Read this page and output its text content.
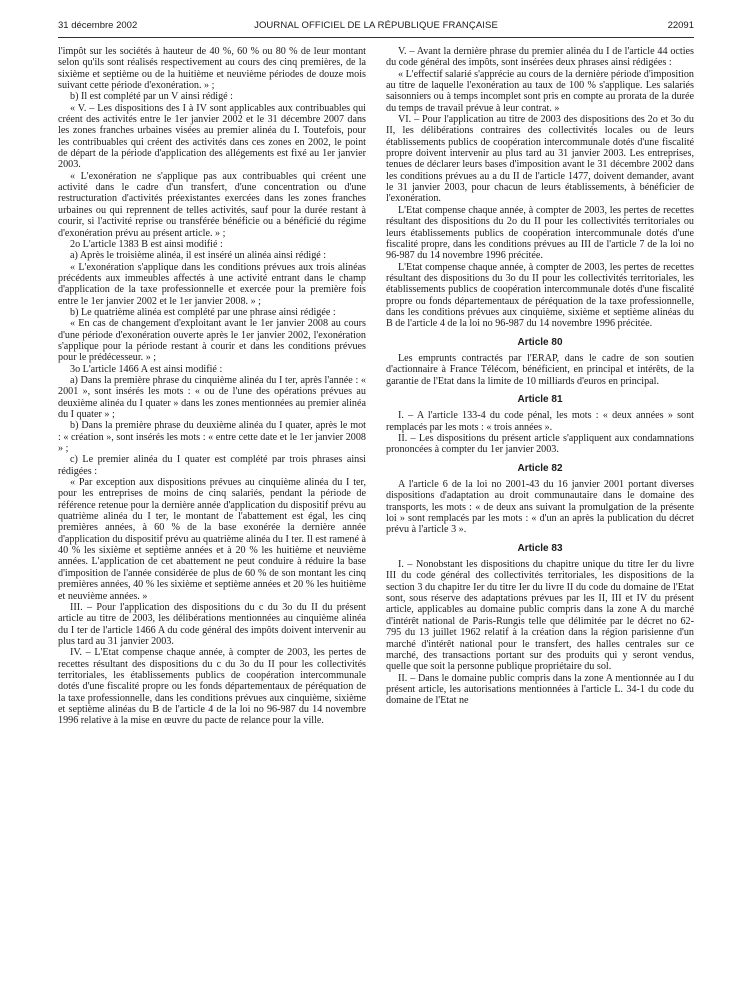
31 décembre 2002	JOURNAL OFFICIEL DE LA RÉPUBLIQUE FRANÇAISE	22091

l'impôt sur les sociétés à hauteur de 40 %, 60 % ou 80 % de leur montant selon qu'ils sont réalisés respectivement au cours des cinq premières, de la sixième et septième ou de la huitième et neuvième périodes de douze mois suivant cette période d'exonération. » ;

b) Il est complété par un V ainsi rédigé :

« V. – Les dispositions des I à IV sont applicables aux contribuables qui créent des activités entre le 1er janvier 2002 et le 31 décembre 2007 dans les zones franches urbaines visées au premier alinéa du I. Toutefois, pour les contribuables qui créent des activités dans ces zones en 2002, le point de départ de la période d'application des allégements est fixé au 1er janvier 2003.

« L'exonération ne s'applique pas aux contribuables qui créent une activité dans le cadre d'un transfert, d'une concentration ou d'une restructuration d'activités préexistantes exercées dans les zones franches urbaines ou qui reprennent de telles activités, sauf pour la durée restant à courir, si l'activité reprise ou transférée bénéficie ou a bénéficié du régime d'exonération prévu au présent article. » ;

2o L'article 1383 B est ainsi modifié :

a) Après le troisième alinéa, il est inséré un alinéa ainsi rédigé :

« L'exonération s'applique dans les conditions prévues aux trois alinéas précédents aux immeubles affectés à une activité entrant dans le champ d'application de la taxe professionnelle et exercée pour la première fois entre le 1er janvier 2002 et le 1er janvier 2008. » ;

b) Le quatrième alinéa est complété par une phrase ainsi rédigée :

« En cas de changement d'exploitant avant le 1er janvier 2008 au cours d'une période d'exonération ouverte après le 1er janvier 2002, l'exonération s'applique pour la période restant à courir et dans les conditions prévues pour le prédécesseur. » ;

3o L'article 1466 A est ainsi modifié :

a) Dans la première phrase du cinquième alinéa du I ter, après l'année : « 2001 », sont insérés les mots : « ou de l'une des opérations prévues au deuxième alinéa du I quater » dans les zones mentionnées au premier alinéa du I quater » ;

b) Dans la première phrase du deuxième alinéa du I quater, après le mot : « création », sont insérés les mots : « entre cette date et le 1er janvier 2008 » ;

c) Le premier alinéa du I quater est complété par trois phrases ainsi rédigées :

« Par exception aux dispositions prévues au cinquième alinéa du I ter, pour les entreprises de moins de cinq salariés, pendant la période de référence retenue pour la dernière année d'application du dispositif prévu au quatrième alinéa du I ter, le montant de l'abattement est égal, les cinq premières années, à 60 % de la base exonérée la dernière année d'application du dispositif prévu au quatrième alinéa du I ter. Il est ramené à 40 % les sixième et septième années et à 20 % les huitième et neuvième années. L'application de cet abattement ne peut conduire à réduire la base d'imposition de l'année considérée de plus de 60 % de son montant les cinq premières années, 40 % les sixième et septième années et 20 % les huitième et neuvième années. »

III. – Pour l'application des dispositions du c du 3o du II du présent article au titre de 2003, les délibérations mentionnées au cinquième alinéa du I ter de l'article 1466 A du code général des impôts doivent intervenir au plus tard au 31 janvier 2003.

IV. – L'Etat compense chaque année, à compter de 2003, les pertes de recettes résultant des dispositions du c du 3o du II pour les collectivités territoriales, les établissements publics de coopération intercommunale dotés d'une fiscalité propre ou les fonds départementaux de péréquation de la taxe professionnelle, dans les conditions prévues aux cinquième, sixième et septième alinéas du B de l'article 4 de la loi no 96-987 du 14 novembre 1996 relative à la mise en œuvre du pacte de relance pour la ville.

V. – Avant la dernière phrase du premier alinéa du I de l'article 44 octies du code général des impôts, sont insérées deux phrases ainsi rédigées :

« L'effectif salarié s'apprécie au cours de la dernière période d'imposition au titre de laquelle l'exonération au taux de 100 % s'applique. Les salariés saisonniers ou à temps incomplet sont pris en compte au prorata de la durée du temps de travail prévue à leur contrat. »

VI. – Pour l'application au titre de 2003 des dispositions des 2o et 3o du II, les délibérations contraires des collectivités locales ou de leurs établissements publics de coopération intercommunale dotés d'une fiscalité propre doivent intervenir au plus tard au 31 janvier 2003. Les entreprises, tenues de déclarer leurs bases d'imposition avant le 31 décembre 2002 dans les conditions prévues au a du II de l'article 1477, doivent demander, avant le 31 janvier 2003, pour chacun de leurs établissements, à bénéficier de l'exonération.

L'Etat compense chaque année, à compter de 2003, les pertes de recettes résultant des dispositions du 2o du II pour les collectivités territoriales ou leurs établissements publics de coopération intercommunale dotés d'une fiscalité propre, dans les conditions prévues au III de l'article 7 de la loi no 96-987 du 14 novembre 1996 précitée.

L'Etat compense chaque année, à compter de 2003, les pertes de recettes résultant des dispositions du 3o du II pour les collectivités territoriales, les établissements publics de coopération intercommunale dotés d'une fiscalité propre ou fonds départementaux de péréquation de la taxe professionnelle, dans les conditions prévues aux cinquième, sixième et septième alinéas du B de l'article 4 de la loi no 96-987 du 14 novembre 1996 précitée.

Article 80

Les emprunts contractés par l'ERAP, dans le cadre de son soutien d'actionnaire à France Télécom, bénéficient, en principal et intérêts, de la garantie de l'Etat dans la limite de 10 milliards d'euros en principal.

Article 81

I. – A l'article 133-4 du code pénal, les mots : « deux années » sont remplacés par les mots : « trois années ».

II. – Les dispositions du présent article s'appliquent aux condamnations prononcées à compter du 1er janvier 2003.

Article 82

A l'article 6 de la loi no 2001-43 du 16 janvier 2001 portant diverses dispositions d'adaptation au droit communautaire dans le domaine des transports, les mots : « de deux ans suivant la promulgation de la présente loi » sont remplacés par les mots : « d'un an après la publication du décret prévu à l'article 3 ».

Article 83

I. – Nonobstant les dispositions du chapitre unique du titre Ier du livre III du code général des collectivités territoriales, les dispositions de la section 3 du chapitre Ier du titre Ier du livre II du code du domaine de l'Etat sont, sous réserve des adaptations prévues par les II, III et IV du présent article, applicables au domaine public compris dans la zone A du marché d'intérêt national de Paris-Rungis telle que délimitée par le décret no 62-795 du 13 juillet 1962 relatif à la création dans la région parisienne d'un marché d'intérêt national pour le transfert, des halles centrales sur ce marché, des transactions portant sur des produits qui y seront vendus, quelle que soit la personne publique propriétaire du sol.

II. – Dans le domaine public compris dans la zone A mentionnée au I du présent article, les autorisations mentionnées à l'article L. 34-1 du code du domaine de l'Etat ne
